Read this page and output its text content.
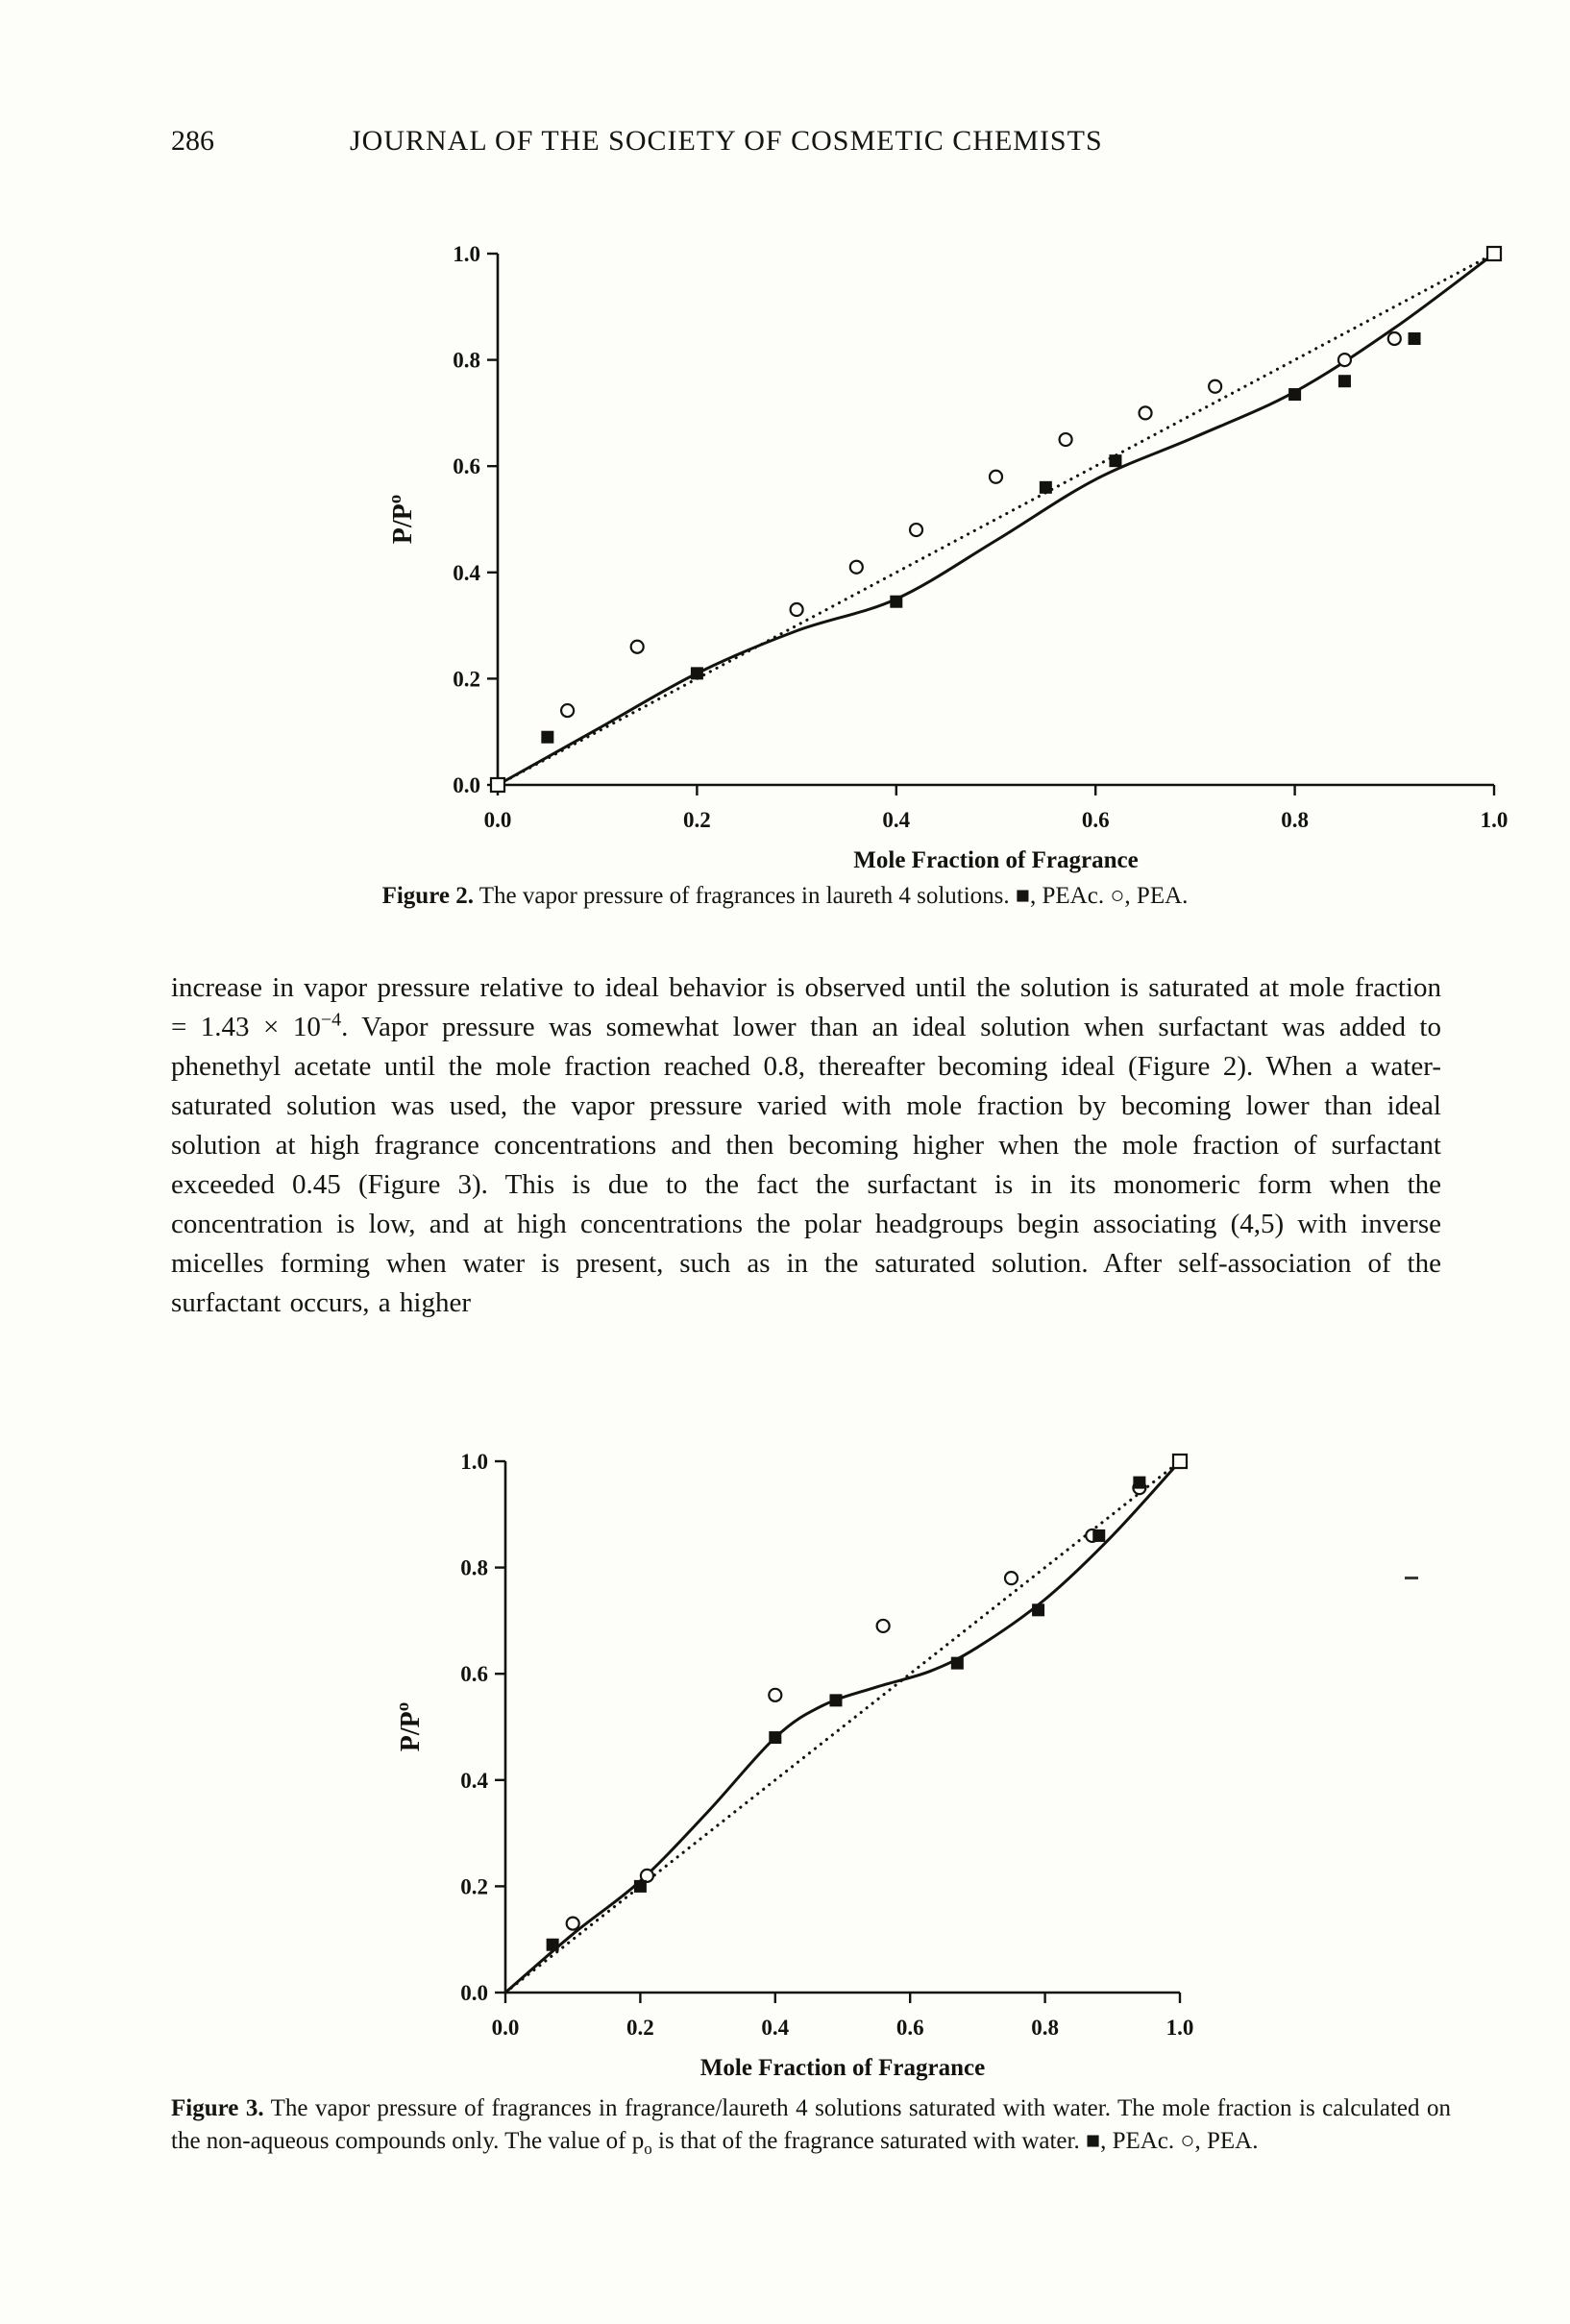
286	JOURNAL OF THE SOCIETY OF COSMETIC CHEMISTS
0.0
0.2
0.4
0.6
0.8
1.0
0.0	0.2	0.4	0.6	0.8	1.0
$P/P^o$
Mole Fraction of Fragrance
Figure 2. The vapor pressure of fragrances in laureth 4 solutions. ■, PEAc. ○, PEA.

increase in vapor pressure relative to ideal behavior is observed until the solution is saturated at mole fraction = $1.43 \times 10^{-4}$. Vapor pressure was somewhat lower than an ideal solution when surfactant was added to phenethyl acetate until the mole fraction reached 0.8, thereafter becoming ideal (Figure 2). When a water-saturated solution was used, the vapor pressure varied with mole fraction by becoming lower than ideal solution at high fragrance concentrations and then becoming higher when the mole fraction of surfactant exceeded 0.45 (Figure 3). This is due to the fact the surfactant is in its monomeric form when the concentration is low, and at high concentrations the polar headgroups begin associating (4,5) with inverse micelles forming when water is present, such as in the saturated solution. After self-association of the surfactant occurs, a higher

0.0
0.2
0.4
0.6
0.8
1.0
0.0	0.2	0.4	0.6	0.8	1.0
$P/P^o$
Mole Fraction of Fragrance
Figure 3. The vapor pressure of fragrances in fragrance/laureth 4 solutions saturated with water. The mole fraction is calculated on the non-aqueous compounds only. The value of $p_o$ is that of the fragrance saturated with water. ■, PEAc. ○, PEA.
